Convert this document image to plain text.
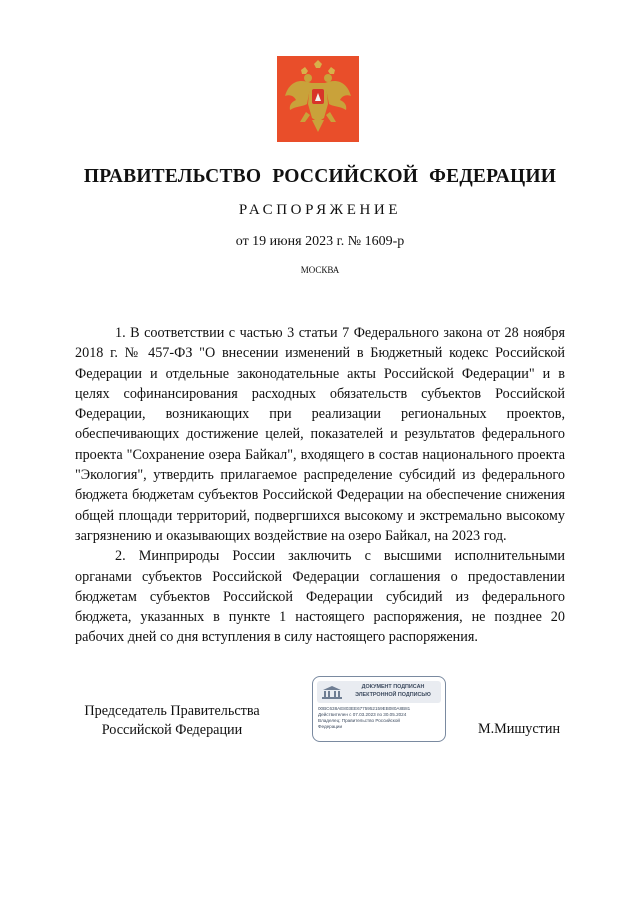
ПРАВИТЕЛЬСТВО РОССИЙСКОЙ ФЕДЕРАЦИИ
РАСПОРЯЖЕНИЕ
от 19 июня 2023 г. № 1609-р
МОСКВА

1. В соответствии с частью 3 статьи 7 Федерального закона от 28 ноября 2018 г. № 457-ФЗ "О внесении изменений в Бюджетный кодекс Российской Федерации и отдельные законодательные акты Российской Федерации" и в целях софинансирования расходных обязательств субъектов Российской Федерации, возникающих при реализации региональных проектов, обеспечивающих достижение целей, показателей и результатов федерального проекта "Сохранение озера Байкал", входящего в состав национального проекта "Экология", утвердить прилагаемое распределение субсидий из федерального бюджета бюджетам субъектов Российской Федерации на обеспечение снижения общей площади территорий, подвергшихся высокому и экстремально высокому загрязнению и оказывающих воздействие на озеро Байкал, на 2023 год.

2. Минприроды России заключить с высшими исполнительными органами субъектов Российской Федерации соглашения о предоставлении бюджетам субъектов Российской Федерации субсидий из федерального бюджета, указанных в пункте 1 настоящего распоряжения, не позднее 20 рабочих дней со дня вступления в силу настоящего распоряжения.

Председатель Правительства
Российской Федерации
ДОКУМЕНТ ПОДПИСАН
ЭЛЕКТРОННОЙ ПОДПИСЬЮ
00BC638AE803EE6775952159EB080A8B81
Действителен с 07.03.2023 по 30.05.2024
Владелец: Правительство Российской
Федерации	М.Мишустин
